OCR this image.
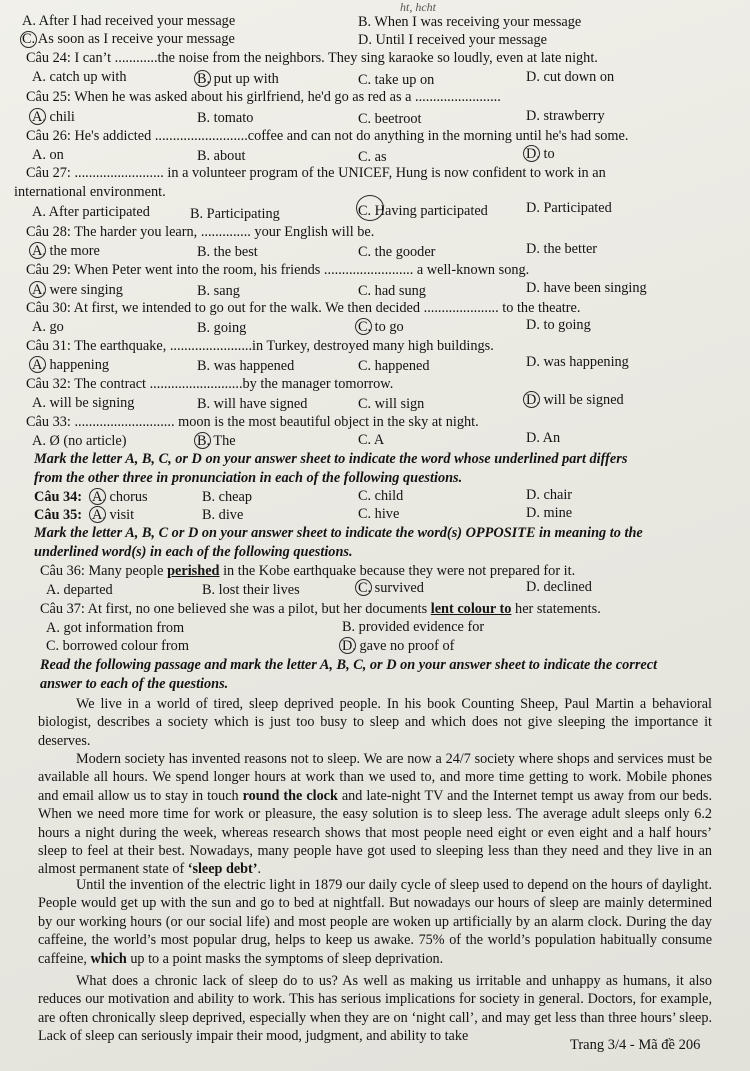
ht, hcht
A. After I had received your message	B. When I was receiving your message
C. As soon as I receive your message	D. Until I received your message
Câu 24: I can’t ............the noise from the neighbors. They sing karaoke so loudly, even at late night.
A. catch up with	B. put up with	C. take up on	D. cut down on
Câu 25: When he was asked about his girlfriend, he'd go as red as a ........................
A. chili	B. tomato	C. beetroot	D. strawberry
Câu 26: He's addicted ..........................coffee and can not do anything in the morning until he's had some.
A. on	B. about	C. as	D. to
Câu 27: ......................... in a volunteer program of the UNICEF, Hung is now confident to work in an
international environment.
A. After participated	B. Participating	C. Having participated	D. Participated
Câu 28: The harder you learn, .............. your English will be.
A. the more	B. the best	C. the gooder	D. the better
Câu 29: When Peter went into the room, his friends ......................... a well-known song.
A. were singing	B. sang	C. had sung	D. have been singing
Câu 30: At first, we intended to go out for the walk. We then decided ..................... to the theatre.
A. go	B. going	C. to go	D. to going
Câu 31: The earthquake, .......................in Turkey, destroyed many high buildings.
A. happening	B. was happened	C. happened	D. was happening
Câu 32: The contract ..........................by the manager tomorrow.
A. will be signing	B. will have signed	C. will sign	D. will be signed
Câu 33: ............................ moon is the most beautiful object in the sky at night.
A. Ø (no article)	B. The	C. A	D. An
Mark the letter A, B, C, or D on your answer sheet to indicate the word whose underlined part differs
from the other three in pronunciation in each of the following questions.
Câu 34: A. chorus	B. cheap	C. child	D. chair
Câu 35: A. visit	B. dive	C. hive	D. mine
Mark the letter A, B, C or D on your answer sheet to indicate the word(s) OPPOSITE in meaning to the
underlined word(s) in each of the following questions.
Câu 36: Many people perished in the Kobe earthquake because they were not prepared for it.
A. departed	B. lost their lives	C. survived	D. declined
Câu 37: At first, no one believed she was a pilot, but her documents lent colour to her statements.
A. got information from	B. provided evidence for
C. borrowed colour from	D. gave no proof of
Read the following passage and mark the letter A, B, C, or D on your answer sheet to indicate the correct
answer to each of the questions.
We live in a world of tired, sleep deprived people. In his book Counting Sheep, Paul Martin a behavioral biologist, describes a society which is just too busy to sleep and which does not give sleeping the importance it deserves.
Modern society has invented reasons not to sleep. We are now a 24/7 society where shops and services must be available all hours. We spend longer hours at work than we used to, and more time getting to work. Mobile phones and email allow us to stay in touch round the clock and late-night TV and the Internet tempt us away from our beds. When we need more time for work or pleasure, the easy solution is to sleep less. The average adult sleeps only 6.2 hours a night during the week, whereas research shows that most people need eight or even eight and a half hours’ sleep to feel at their best. Nowadays, many people have got used to sleeping less than they need and they live in an almost permanent state of ‘sleep debt’.
Until the invention of the electric light in 1879 our daily cycle of sleep used to depend on the hours of daylight. People would get up with the sun and go to bed at nightfall. But nowadays our hours of sleep are mainly determined by our working hours (or our social life) and most people are woken up artificially by an alarm clock. During the day caffeine, the world’s most popular drug, helps to keep us awake. 75% of the world’s population habitually consume caffeine, which up to a point masks the symptoms of sleep deprivation.
What does a chronic lack of sleep do to us? As well as making us irritable and unhappy as humans, it also reduces our motivation and ability to work. This has serious implications for society in general. Doctors, for example, are often chronically sleep deprived, especially when they are on ‘night call’, and may get less than three hours’ sleep. Lack of sleep can seriously impair their mood, judgment, and ability to take
Trang 3/4 - Mã đề 206
